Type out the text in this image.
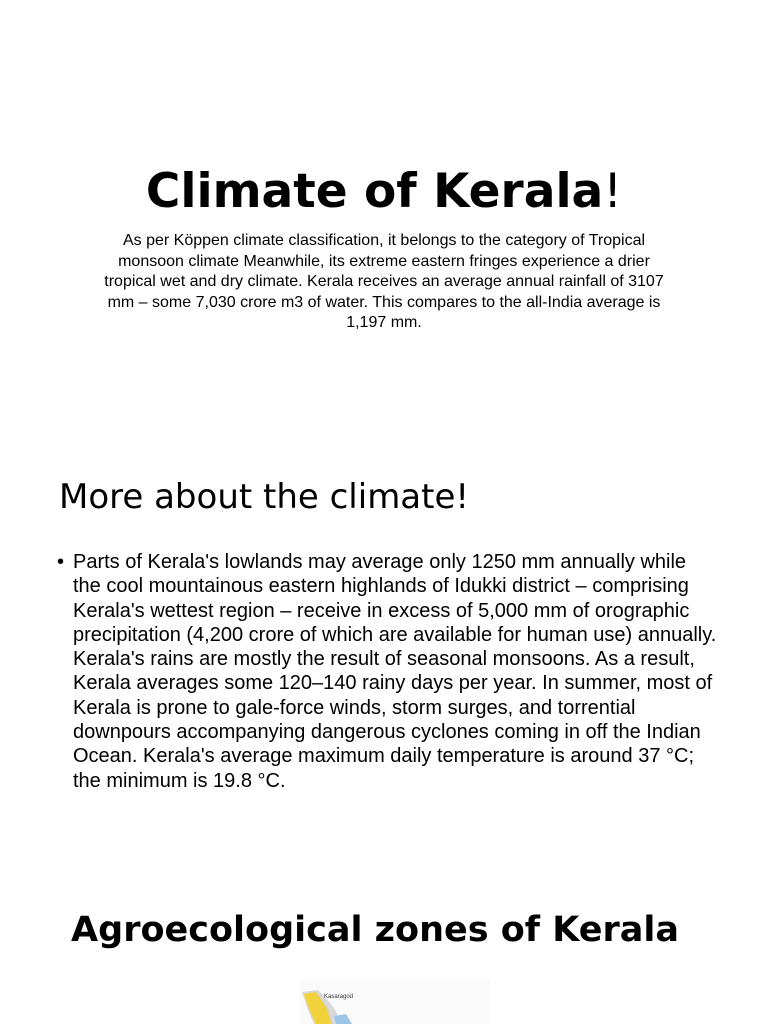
Climate of Kerala!

As per Köppen climate classification, it belongs to the category of Tropical monsoon climate Meanwhile, its extreme eastern fringes experience a drier tropical wet and dry climate. Kerala receives an average annual rainfall of 3107 mm – some 7,030 crore m3 of water. This compares to the all-India average is 1,197 mm.

More about the climate!
• Parts of Kerala's lowlands may average only 1250 mm annually while the cool mountainous eastern highlands of Idukki district – comprising Kerala's wettest region – receive in excess of 5,000 mm of orographic precipitation (4,200 crore of which are available for human use) annually. Kerala's rains are mostly the result of seasonal monsoons. As a result, Kerala averages some 120–140 rainy days per year. In summer, most of Kerala is prone to gale-force winds, storm surges, and torrential downpours accompanying dangerous cyclones coming in off the Indian Ocean. Kerala's average maximum daily temperature is around 37 °C; the minimum is 19.8 °C.
Agroecological zones of Kerala
Kasaragod
